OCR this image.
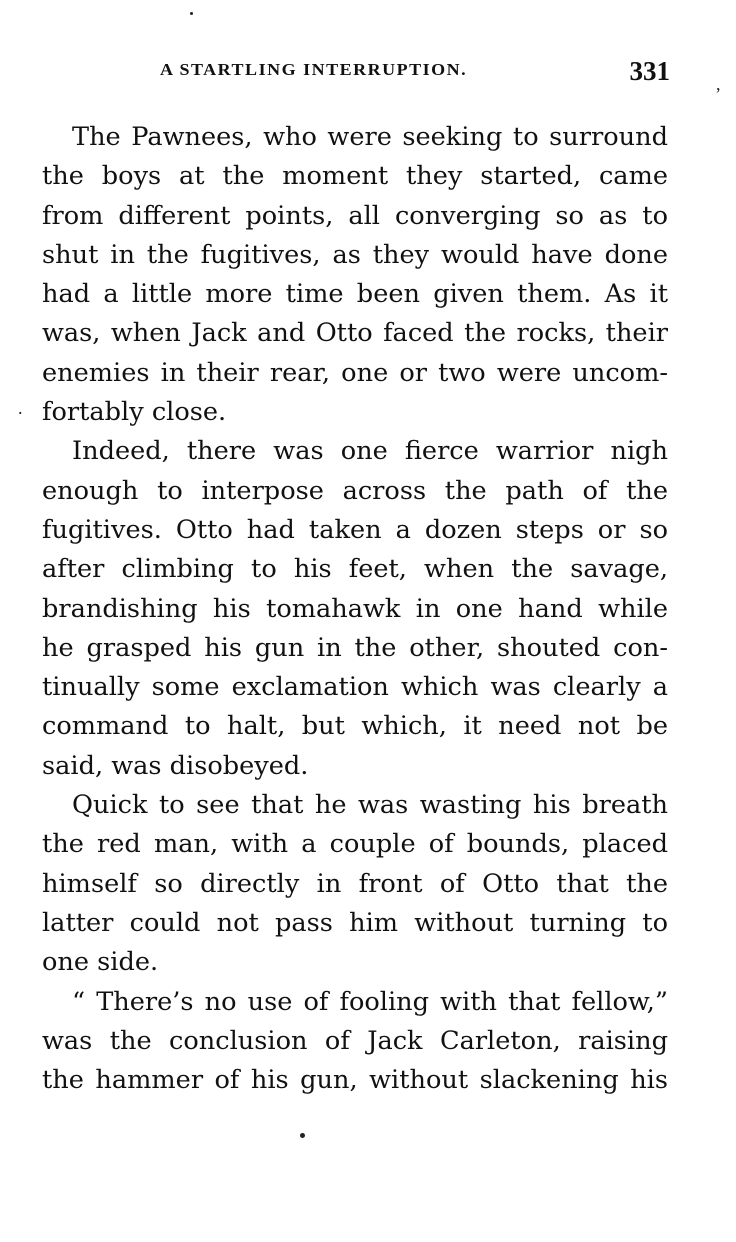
,
.
A STARTLING INTERRUPTION.	331
The Pawnees, who were seeking to surround
the boys at the moment they started, came
from different points, all converging so as to
shut in the fugitives, as they would have done
had a little more time been given them. As it
was, when Jack and Otto faced the rocks, their
enemies in their rear, one or two were uncom-
fortably close.
Indeed, there was one fierce warrior nigh
enough to interpose across the path of the
fugitives. Otto had taken a dozen steps or so
after climbing to his feet, when the savage,
brandishing his tomahawk in one hand while
he grasped his gun in the other, shouted con-
tinually some exclamation which was clearly a
command to halt, but which, it need not be
said, was disobeyed.
Quick to see that he was wasting his breath
the red man, with a couple of bounds, placed
himself so directly in front of Otto that the
latter could not pass him without turning to
one side.
“ There’s no use of fooling with that fellow,”
was the conclusion of Jack Carleton, raising
the hammer of his gun, without slackening his
